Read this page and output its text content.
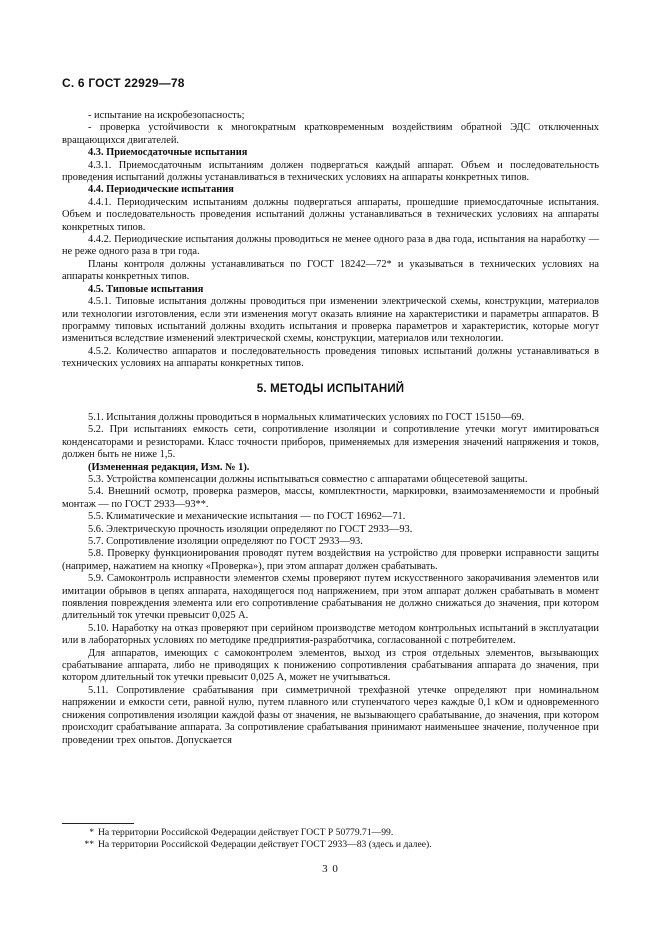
С. 6 ГОСТ 22929—78

- испытание на искробезопасность;

- проверка устойчивости к многократным кратковременным воздействиям обратной ЭДС отключенных вращающихся двигателей.

4.3. Приемосдаточные испытания

4.3.1. Приемосдаточным испытаниям должен подвергаться каждый аппарат. Объем и последовательность проведения испытаний должны устанавливаться в технических условиях на аппараты конкретных типов.

4.4. Периодические испытания

4.4.1. Периодическим испытаниям должны подвергаться аппараты, прошедшие приемосдаточные испытания. Объем и последовательность проведения испытаний должны устанавливаться в технических условиях на аппараты конкретных типов.

4.4.2. Периодические испытания должны проводиться не менее одного раза в два года, испытания на наработку — не реже одного раза в три года.

Планы контроля должны устанавливаться по ГОСТ 18242—72* и указываться в технических условиях на аппараты конкретных типов.

4.5. Типовые испытания

4.5.1. Типовые испытания должны проводиться при изменении электрической схемы, конструкции, материалов или технологии изготовления, если эти изменения могут оказать влияние на характеристики и параметры аппаратов. В программу типовых испытаний должны входить испытания и проверка параметров и характеристик, которые могут измениться вследствие изменений электрической схемы, конструкции, материалов или технологии.

4.5.2. Количество аппаратов и последовательность проведения типовых испытаний должны устанавливаться в технических условиях на аппараты конкретных типов.

5. МЕТОДЫ ИСПЫТАНИЙ

5.1. Испытания должны проводиться в нормальных климатических условиях по ГОСТ 15150—69.

5.2. При испытаниях емкость сети, сопротивление изоляции и сопротивление утечки могут имитироваться конденсаторами и резисторами. Класс точности приборов, применяемых для измерения значений напряжения и токов, должен быть не ниже 1,5.

(Измененная редакция, Изм. № 1).

5.3. Устройства компенсации должны испытываться совместно с аппаратами общесетевой защиты.

5.4. Внешний осмотр, проверка размеров, массы, комплектности, маркировки, взаимозаменяемости и пробный монтаж — по ГОСТ 2933—93**.

5.5. Климатические и механические испытания — по ГОСТ 16962—71.

5.6. Электрическую прочность изоляции определяют по ГОСТ 2933—93.

5.7. Сопротивление изоляции определяют по ГОСТ 2933—93.

5.8. Проверку функционирования проводят путем воздействия на устройство для проверки исправности защиты (например, нажатием на кнопку «Проверка»), при этом аппарат должен срабатывать.

5.9. Самоконтроль исправности элементов схемы проверяют путем искусственного закорачивания элементов или имитации обрывов в цепях аппарата, находящегося под напряжением, при этом аппарат должен срабатывать в момент появления повреждения элемента или его сопротивление срабатывания не должно снижаться до значения, при котором длительный ток утечки превысит 0,025 А.

5.10. Наработку на отказ проверяют при серийном производстве методом контрольных испытаний в эксплуатации или в лабораторных условиях по методике предприятия-разработчика, согласованной с потребителем.

Для аппаратов, имеющих с самоконтролем элементов, выход из строя отдельных элементов, вызывающих срабатывание аппарата, либо не приводящих к понижению сопротивления срабатывания аппарата до значения, при котором длительный ток утечки превысит 0,025 А, может не учитываться.

5.11. Сопротивление срабатывания при симметричной трехфазной утечке определяют при номинальном напряжении и емкости сети, равной нулю, путем плавного или ступенчатого через каждые 0,1 кОм и одновременного снижения сопротивления изоляции каждой фазы от значения, не вызывающего срабатывание, до значения, при котором происходит срабатывание аппарата. За сопротивление срабатывания принимают наименьшее значение, полученное при проведении трех опытов. Допускается

* На территории Российской Федерации действует ГОСТ Р 50779.71—99.
** На территории Российской Федерации действует ГОСТ 2933—83 (здесь и далее).
3 0
